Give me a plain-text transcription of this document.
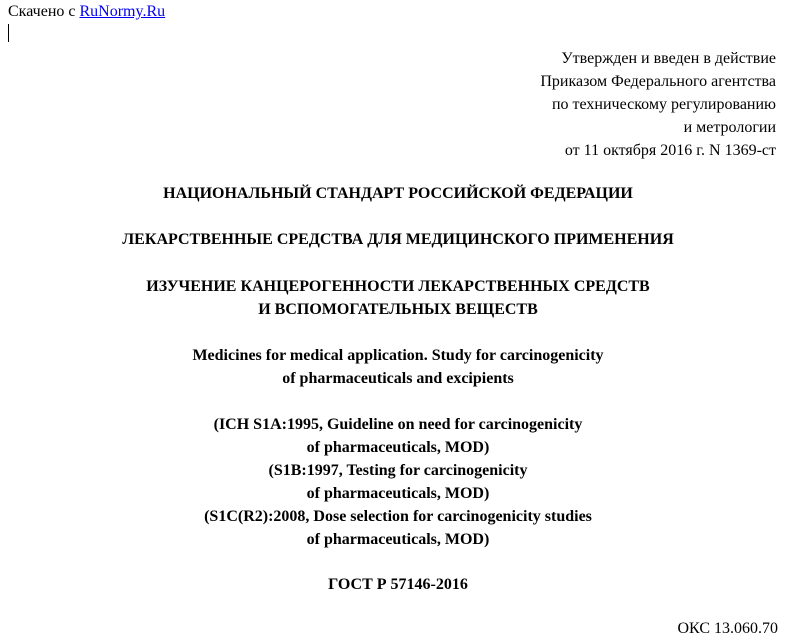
Скачено с RuNormy.Ru
Утвержден и введен в действие
Приказом Федерального агентства
по техническому регулированию
и метрологии
от 11 октября 2016 г. N 1369-ст
НАЦИОНАЛЬНЫЙ СТАНДАРТ РОССИЙСКОЙ ФЕДЕРАЦИИ
ЛЕКАРСТВЕННЫЕ СРЕДСТВА ДЛЯ МЕДИЦИНСКОГО ПРИМЕНЕНИЯ
ИЗУЧЕНИЕ КАНЦЕРОГЕННОСТИ ЛЕКАРСТВЕННЫХ СРЕДСТВ
И ВСПОМОГАТЕЛЬНЫХ ВЕЩЕСТВ
Medicines for medical application. Study for carcinogenicity
of pharmaceuticals and excipients
(ICH S1A:1995, Guideline on need for carcinogenicity
of pharmaceuticals, MOD)
(S1B:1997, Testing for carcinogenicity
of pharmaceuticals, MOD)
(S1C(R2):2008, Dose selection for carcinogenicity studies
of pharmaceuticals, MOD)
ГОСТ Р 57146-2016
ОКС 13.060.70
